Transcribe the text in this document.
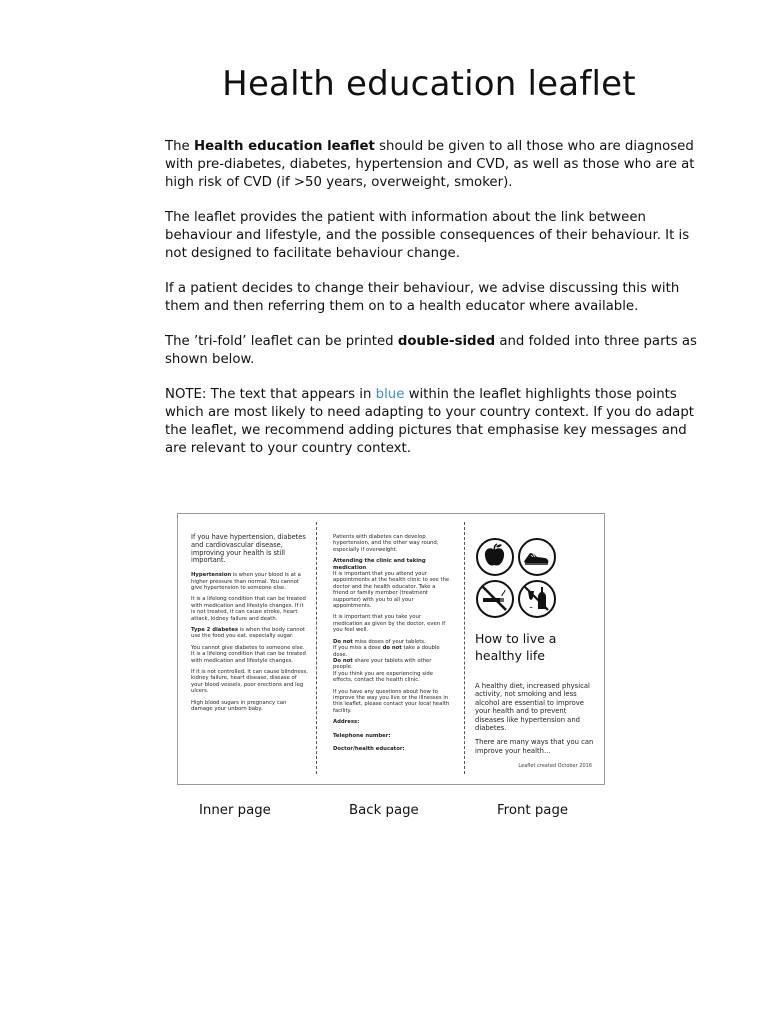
Health education leaflet

The Health education leaflet should be given to all those who are diagnosed with pre-diabetes, diabetes, hypertension and CVD, as well as those who are at high risk of CVD (if >50 years, overweight, smoker).

The leaflet provides the patient with information about the link between behaviour and lifestyle, and the possible consequences of their behaviour. It is not designed to facilitate behaviour change.

If a patient decides to change their behaviour, we advise discussing this with them and then referring them on to a health educator where available.

The ’tri-fold’ leaflet can be printed double-sided and folded into three parts as shown below.

NOTE: The text that appears in blue within the leaflet highlights those points which are most likely to need adapting to your country context. If you do adapt the leaflet, we recommend adding pictures that emphasise key messages and are relevant to your country context.

If you have hypertension, diabetes and cardiovascular disease, improving your health is still important.

Hypertension is when your blood is at a higher pressure than normal. You cannot give hypertension to someone else.

It is a lifelong condition that can be treated with medication and lifestyle changes. If it is not treated, it can cause stroke, heart attack, kidney failure and death.

Type 2 diabetes is when the body cannot use the food you eat, especially sugar.

You cannot give diabetes to someone else. It is a lifelong condition that can be treated with medication and lifestyle changes.

If it is not controlled, it can cause blindness, kidney failure, heart disease, disease of your blood vessels, poor erections and leg ulcers.

High blood sugars in pregnancy can damage your unborn baby.

Patients with diabetes can develop hypertension, and the other way round, especially if overweight.

Attending the clinic and taking medication

It is important that you attend your appointments at the health clinic to see the doctor and the health educator. Take a friend or family member (treatment supporter) with you to all your appointments.

It is important that you take your medication as given by the doctor, even if you feel well.

Do not miss doses of your tablets.

If you miss a dose do not take a double dose.

Do not share your tablets with other people.

If you think you are experiencing side effects, contact the health clinic.

If you have any questions about how to improve the way you live or the illnesses in this leaflet, please contact your local health facility.

Address:

Telephone number:

Doctor/health educator:

How to live a healthy life

A healthy diet, increased physical activity, not smoking and less alcohol are essential to improve your health and to prevent diseases like hypertension and diabetes.

There are many ways that you can improve your health...

Leaflet created October 2016
Inner page	Back page	Front page
